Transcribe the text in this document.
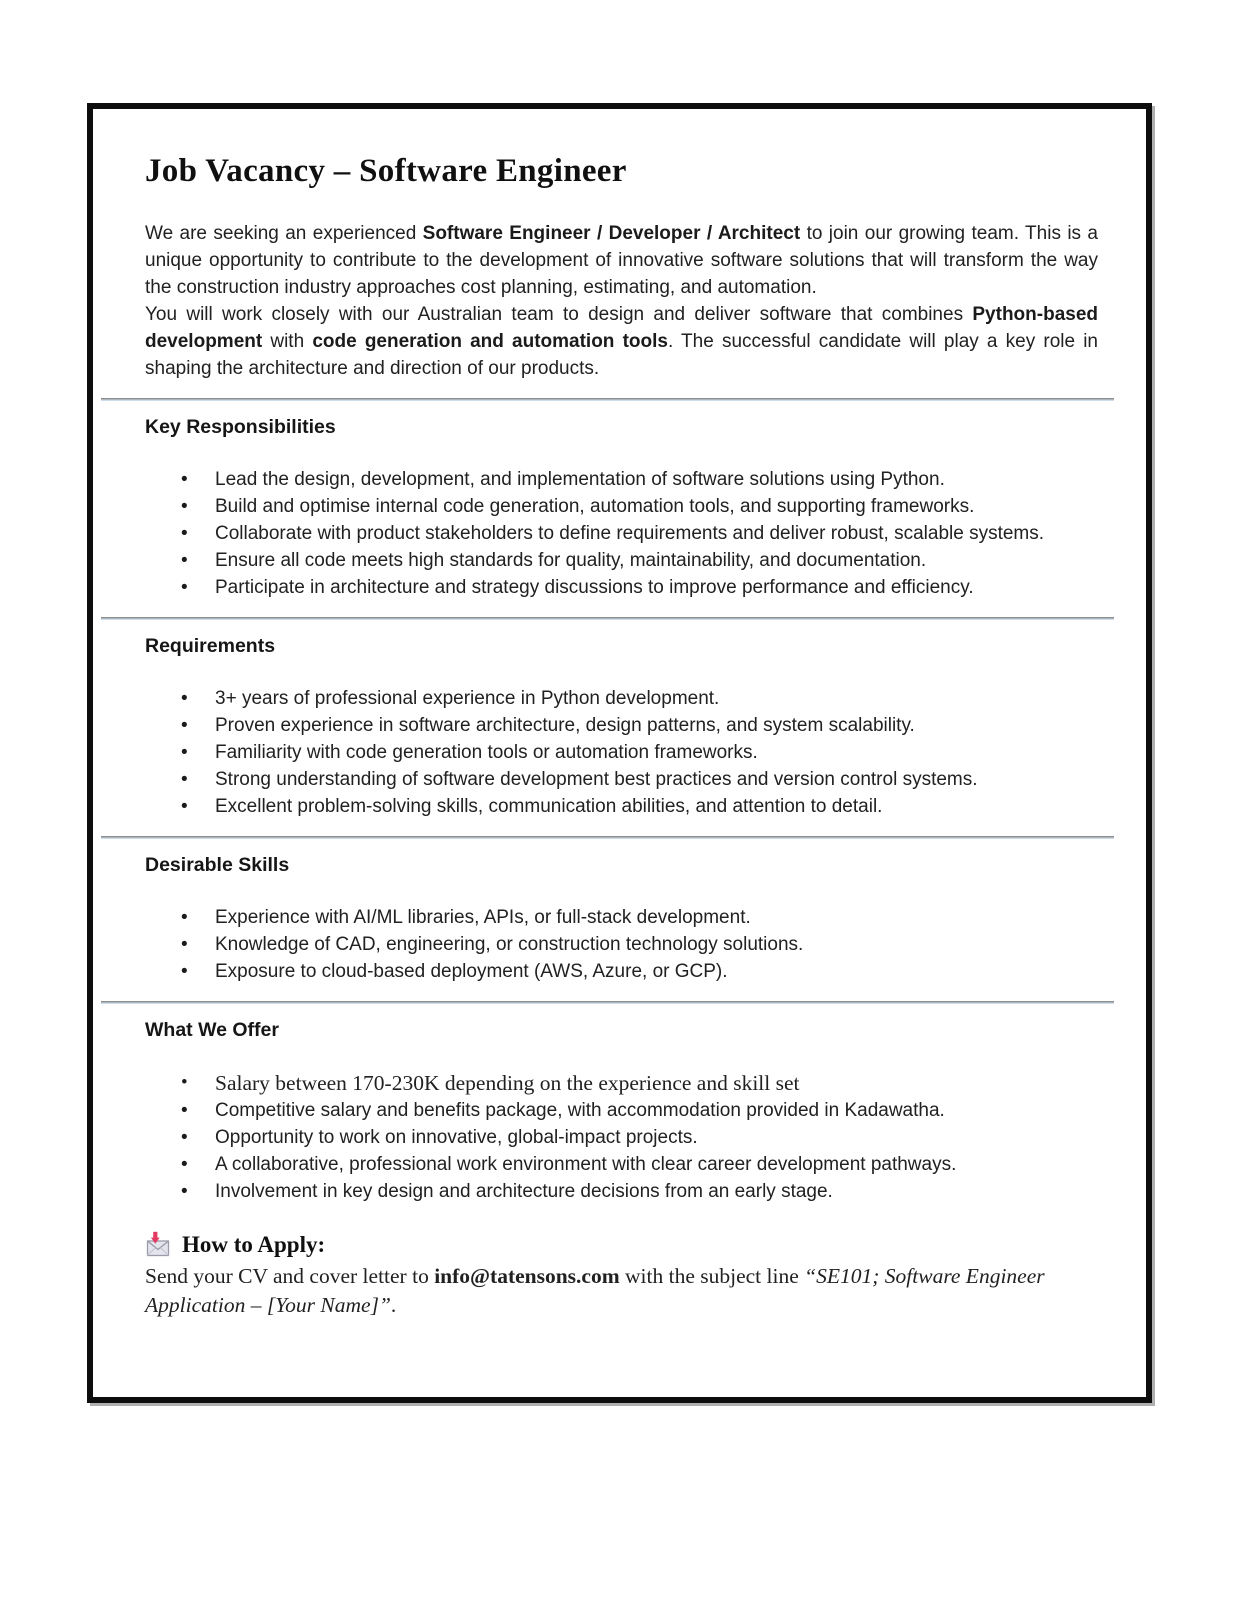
Job Vacancy – Software Engineer

We are seeking an experienced Software Engineer / Developer / Architect to join our growing team. This is a unique opportunity to contribute to the development of innovative software solutions that will transform the way the construction industry approaches cost planning, estimating, and automation.
You will work closely with our Australian team to design and deliver software that combines Python-based development with code generation and automation tools. The successful candidate will play a key role in shaping the architecture and direction of our products.

Key Responsibilities
• Lead the design, development, and implementation of software solutions using Python.
• Build and optimise internal code generation, automation tools, and supporting frameworks.
• Collaborate with product stakeholders to define requirements and deliver robust, scalable systems.
• Ensure all code meets high standards for quality, maintainability, and documentation.
• Participate in architecture and strategy discussions to improve performance and efficiency.
Requirements
• 3+ years of professional experience in Python development.
• Proven experience in software architecture, design patterns, and system scalability.
• Familiarity with code generation tools or automation frameworks.
• Strong understanding of software development best practices and version control systems.
• Excellent problem-solving skills, communication abilities, and attention to detail.
Desirable Skills
• Experience with AI/ML libraries, APIs, or full-stack development.
• Knowledge of CAD, engineering, or construction technology solutions.
• Exposure to cloud-based deployment (AWS, Azure, or GCP).
What We Offer
• Salary between 170-230K depending on the experience and skill set
• Competitive salary and benefits package, with accommodation provided in Kadawatha.
• Opportunity to work on innovative, global-impact projects.
• A collaborative, professional work environment with clear career development pathways.
• Involvement in key design and architecture decisions from an early stage.
How to Apply:

Send your CV and cover letter to info@tatensons.com with the subject line “SE101; Software Engineer Application – [Your Name]”.
